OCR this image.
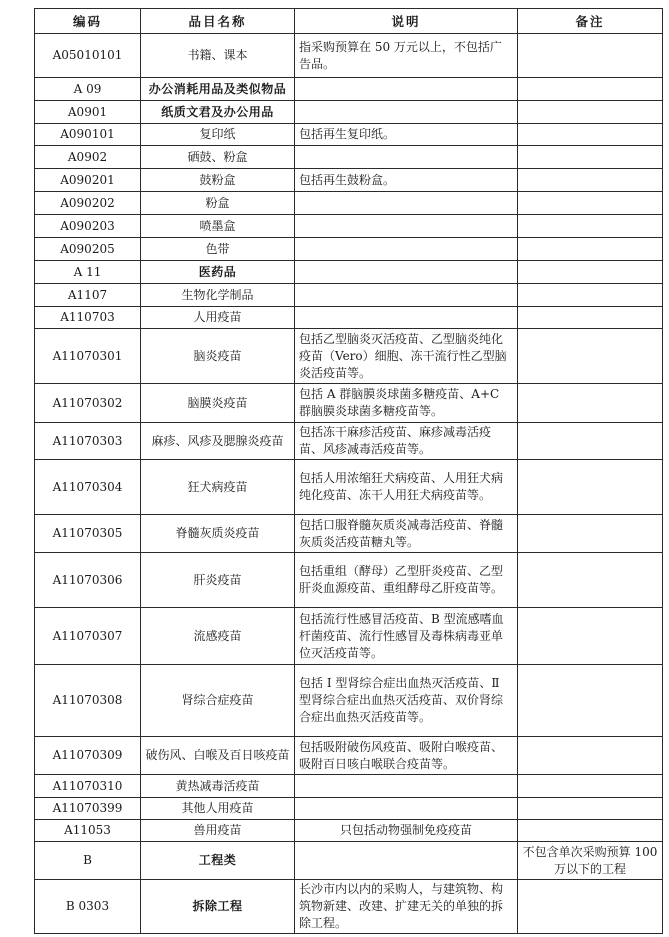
编码	品目名称	说明	备注
A05010101	书籍、课本	指采购预算在 50 万元以上，不包括广告品。	
A 09	办公消耗用品及类似物品		
A0901	纸质文君及办公用品		
A090101	复印纸	包括再生复印纸。	
A0902	硒鼓、粉盒		
A090201	鼓粉盒	包括再生鼓粉盒。	
A090202	粉盒		
A090203	喷墨盒		
A090205	色带		
A 11	医药品		
A1107	生物化学制品		
A110703	人用疫苗		
A11070301	脑炎疫苗	包括乙型脑炎灭活疫苗、乙型脑炎纯化疫苗（Vero）细胞、冻干流行性乙型脑炎活疫苗等。	
A11070302	脑膜炎疫苗	包括 A 群脑膜炎球菌多糖疫苗、A+C 群脑膜炎球菌多糖疫苗等。	
A11070303	麻疹、风疹及腮腺炎疫苗	包括冻干麻疹活疫苗、麻疹减毒活疫苗、风疹减毒活疫苗等。	
A11070304	狂犬病疫苗	包括人用浓缩狂犬病疫苗、人用狂犬病纯化疫苗、冻干人用狂犬病疫苗等。	
A11070305	脊髓灰质炎疫苗	包括口服脊髓灰质炎减毒活疫苗、脊髓灰质炎活疫苗糖丸等。	
A11070306	肝炎疫苗	包括重组（酵母）乙型肝炎疫苗、乙型肝炎血源疫苗、重组酵母乙肝疫苗等。	
A11070307	流感疫苗	包括流行性感冒活疫苗、B 型流感嗜血杆菌疫苗、流行性感冒及毒株病毒亚单位灭活疫苗等。	
A11070308	肾综合症疫苗	包括 Ⅰ 型肾综合症出血热灭活疫苗、Ⅱ 型肾综合症出血热灭活疫苗、双价肾综合症出血热灭活疫苗等。	
A11070309	破伤风、白喉及百日咳疫苗	包括吸附破伤风疫苗、吸附白喉疫苗、吸附百日咳白喉联合疫苗等。	
A11070310	黄热减毒活疫苗		
A11070399	其他人用疫苗		
A11053	兽用疫苗	只包括动物强制免疫疫苗	
B	工程类		不包含单次采购预算 100 万以下的工程
B 0303	拆除工程	长沙市内以内的采购人，与建筑物、构筑物新建、改建、扩建无关的单独的拆除工程。	
